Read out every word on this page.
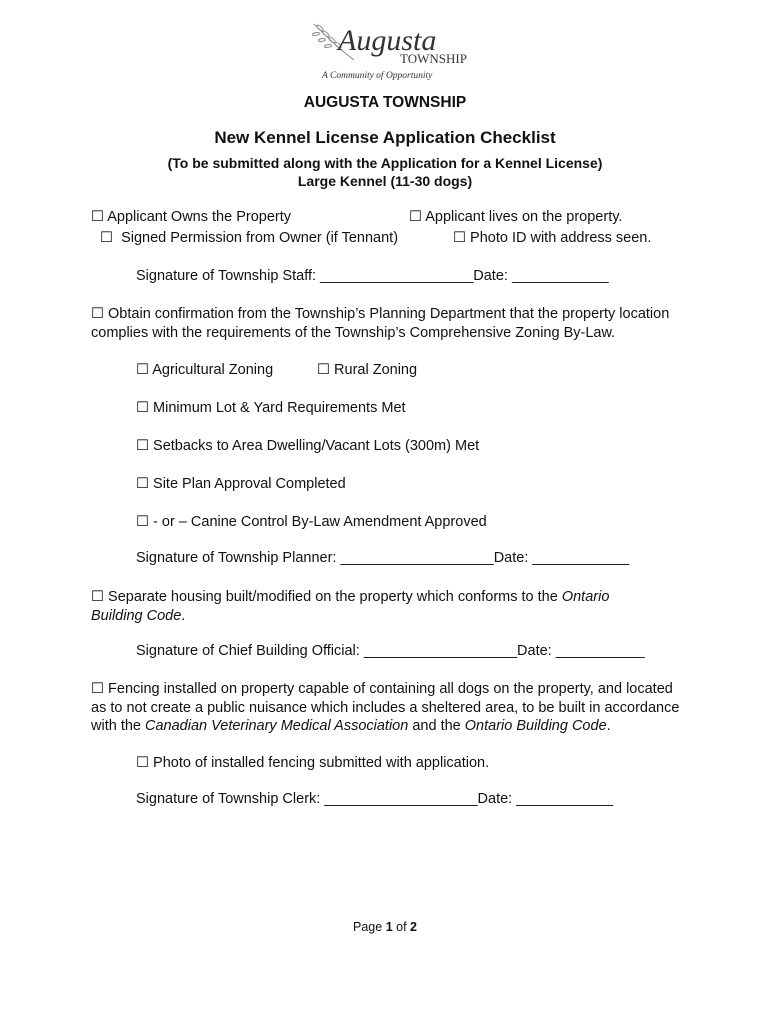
Augusta
TOWNSHIP
A Community of Opportunity
AUGUSTA TOWNSHIP
New Kennel License Application Checklist
(To be submitted along with the Application for a Kennel License)
Large Kennel (11-30 dogs)
☐ Applicant Owns the Property	☐ Applicant lives on the property.
☐ Signed Permission from Owner (if Tennant)	☐ Photo ID with address seen.
Signature of Township Staff: ___________________Date: ____________
☐ Obtain confirmation from the Township’s Planning Department that the property location complies with the requirements of the Township’s Comprehensive Zoning By-Law.
☐ Agricultural Zoning	☐ Rural Zoning
☐ Minimum Lot & Yard Requirements Met
☐ Setbacks to Area Dwelling/Vacant Lots (300m) Met
☐ Site Plan Approval Completed
☐ - or – Canine Control By-Law Amendment Approved
Signature of Township Planner: ___________________Date: ____________
☐ Separate housing built/modified on the property which conforms to the Ontario Building Code.
Signature of Chief Building Official: ___________________Date: ___________
☐ Fencing installed on property capable of containing all dogs on the property, and located as to not create a public nuisance which includes a sheltered area, to be built in accordance with the Canadian Veterinary Medical Association and the Ontario Building Code.
☐ Photo of installed fencing submitted with application.
Signature of Township Clerk: ___________________Date: ____________
Page 1 of 2
